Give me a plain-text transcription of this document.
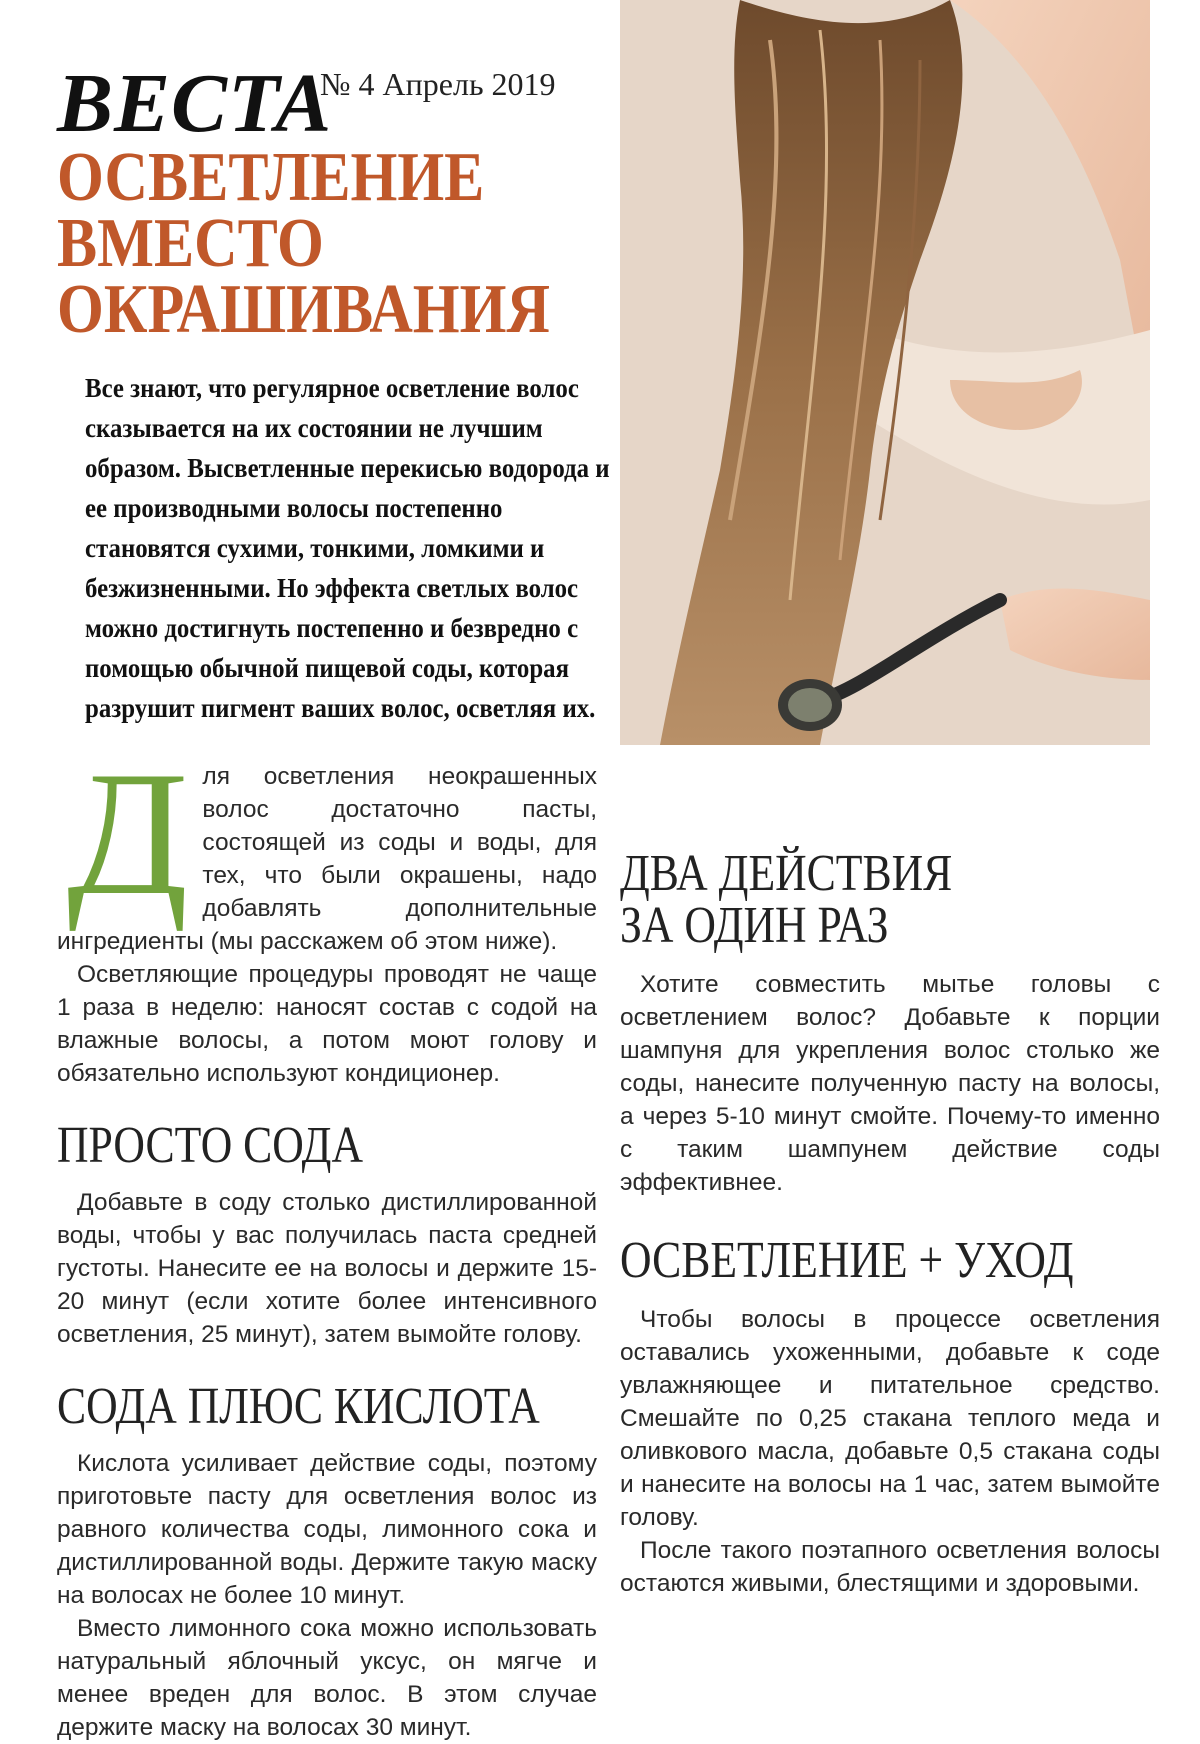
ВЕСТА
№ 4 Апрель 2019
ОСВЕТЛЕНИЕ
ВМЕСТО
ОКРАШИВАНИЯ

Все знают, что регулярное осветление волос сказывается на их состоянии не лучшим образом. Высветленные перекисью водорода и ее производными волосы постепенно становятся сухими, тонкими, ломкими и безжизненными. Но эффекта светлых волос можно достигнуть постепенно и безвредно с помощью обычной пищевой соды, которая разрушит пигмент ваших волос, осветляя их.

Д ля осветления неокрашенных волос достаточно пасты, состоящей из соды и воды, для тех, что были окрашены, надо добавлять дополнительные ингредиенты (мы расскажем об этом ниже).

Осветляющие процедуры проводят не чаще 1 раза в неделю: наносят состав с содой на влажные волосы, а потом моют голову и обязательно используют кондиционер.

ПРОСТО СОДА

Добавьте в соду столько дистиллированной воды, чтобы у вас получилась паста средней густоты. Нанесите ее на волосы и держите 15-20 минут (если хотите более интенсивного осветления, 25 минут), затем вымойте голову.

СОДА ПЛЮС КИСЛОТА

Кислота усиливает действие соды, поэтому приготовьте пасту для осветления волос из равного количества соды, лимонного сока и дистиллированной воды. Держите такую маску на волосах не более 10 минут.

Вместо лимонного сока можно использовать натуральный яблочный уксус, он мягче и менее вреден для волос. В этом случае держите маску на волосах 30 минут.

ДВА ДЕЙСТВИЯ
ЗА ОДИН РАЗ

Хотите совместить мытье головы с осветлением волос? Добавьте к порции шампуня для укрепления волос столько же соды, нанесите полученную пасту на волосы, а через 5-10 минут смойте. Почему-то именно с таким шампунем действие соды эффективнее.

ОСВЕТЛЕНИЕ + УХОД

Чтобы волосы в процессе осветления оставались ухоженными, добавьте к соде увлажняющее и питательное средство. Смешайте по 0,25 стакана теплого меда и оливкового масла, добавьте 0,5 стакана соды и нанесите на волосы на 1 час, затем вымойте голову.

После такого поэтапного осветления волосы остаются живыми, блестящими и здоровыми.
